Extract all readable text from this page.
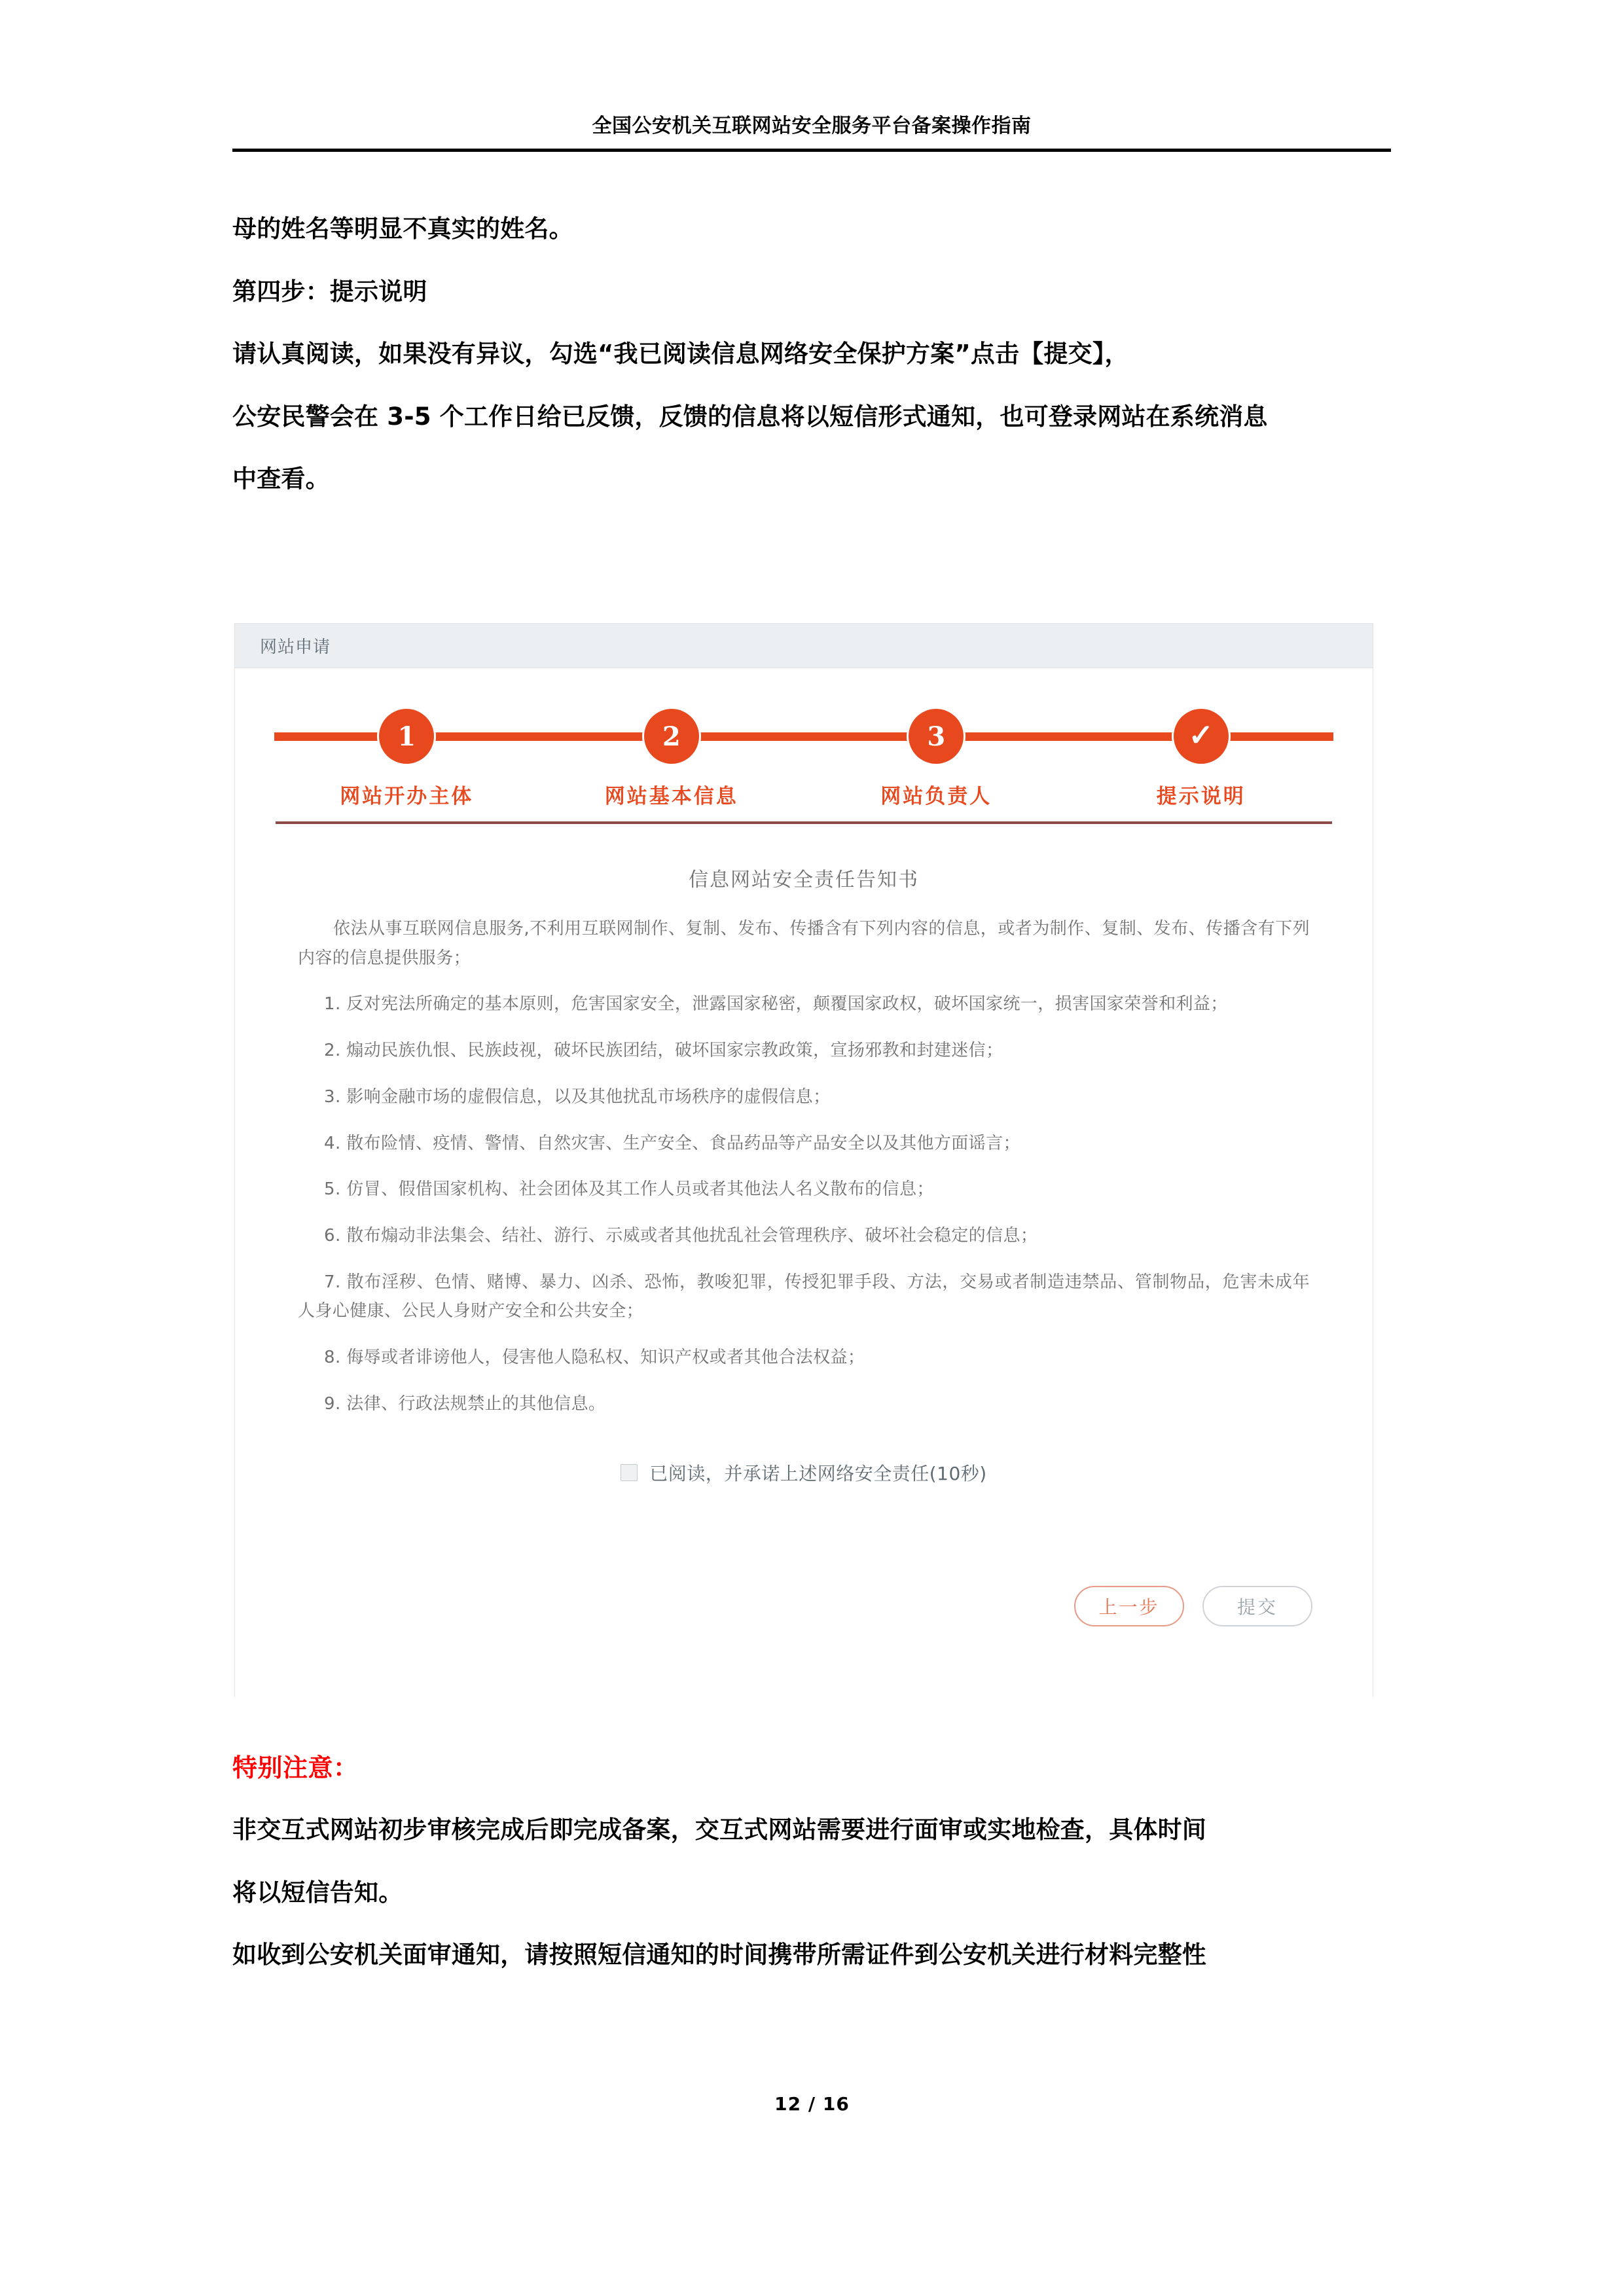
全国公安机关互联网站安全服务平台备案操作指南

母的姓名等明显不真实的姓名。

第四步：提示说明

请认真阅读，如果没有异议，勾选“我已阅读信息网络安全保护方案”点击【提交】，

公安民警会在 3-5 个工作日给已反馈，反馈的信息将以短信形式通知，也可登录网站在系统消息

中查看。

网站申请
1
网站开办主体
2
网站基本信息
3
网站负责人
✓
提示说明
信息网站安全责任告知书

依法从事互联网信息服务,不利用互联网制作、复制、发布、传播含有下列内容的信息，或者为制作、复制、发布、传播含有下列内容的信息提供服务；

1. 反对宪法所确定的基本原则，危害国家安全，泄露国家秘密，颠覆国家政权，破坏国家统一，损害国家荣誉和利益；

2. 煽动民族仇恨、民族歧视，破坏民族团结，破坏国家宗教政策，宣扬邪教和封建迷信；

3. 影响金融市场的虚假信息，以及其他扰乱市场秩序的虚假信息；

4. 散布险情、疫情、警情、自然灾害、生产安全、食品药品等产品安全以及其他方面谣言；

5. 仿冒、假借国家机构、社会团体及其工作人员或者其他法人名义散布的信息；

6. 散布煽动非法集会、结社、游行、示威或者其他扰乱社会管理秩序、破坏社会稳定的信息；

7. 散布淫秽、色情、赌博、暴力、凶杀、恐怖，教唆犯罪，传授犯罪手段、方法，交易或者制造违禁品、管制物品，危害未成年人身心健康、公民人身财产安全和公共安全；

8. 侮辱或者诽谤他人，侵害他人隐私权、知识产权或者其他合法权益；

9. 法律、行政法规禁止的其他信息。

已阅读，并承诺上述网络安全责任(10秒)
上一步	提交

特别注意：

非交互式网站初步审核完成后即完成备案，交互式网站需要进行面审或实地检查，具体时间

将以短信告知。

如收到公安机关面审通知，请按照短信通知的时间携带所需证件到公安机关进行材料完整性

12 / 16
